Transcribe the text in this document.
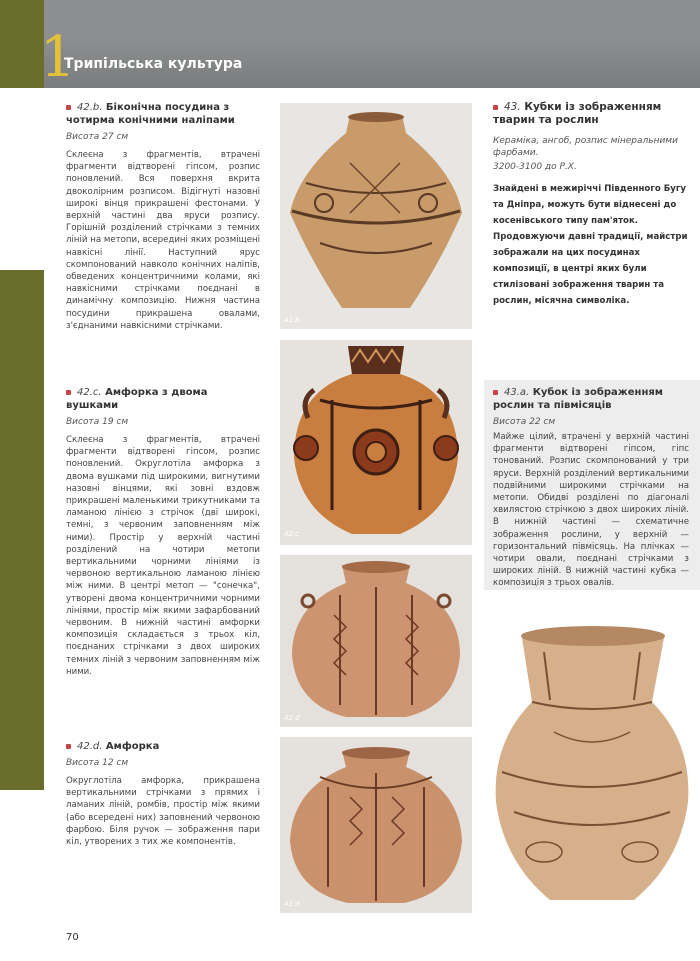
1
Трипільська культура
42.b. Біконічна посудина з чотирма конічними наліпами
Висота 27 см
Склеєна з фрагментів, втрачені фрагменти відтворені гіпсом, розпис поновлений. Вся поверхня вкрита двоколірним розписом. Відігнуті назовні широкі вінця прикрашені фестонами. У верхній частині два яруси розпису. Горішній розділений стрічками з темних ліній на метопи, всередині яких розміщені навкісні лінії. Наступний ярус скомпонований навколо конічних наліпів, обведених концентричними колами, які навкісними стрічками поєднані в динамічну композицію. Нижня частина посудини прикрашена овалами, з'єднаними навкісними стрічками.
42.c. Амфорка з двома вушками
Висота 19 см
Склеєна з фрагментів, втрачені фрагменти відтворені гіпсом, розпис поновлений. Округлотіла амфорка з двома вушками під широкими, вигнутими назовні вінцями, які зовні вздовж прикрашені маленькими трикутниками та ламаною лінією з стрічок (дві широкі, темні, з червоним заповненням між ними). Простір у верхній частині розділений на чотири метопи вертикальними чорними лініями із червоною вертикальною ламаною лінією між ними. В центрі метоп — "сонечка", утворені двома концентричними чорними лініями, простір між якими зафарбований червоним. В нижній частині амфорки композиція складається з трьох кіл, поєднаних стрічками з двох широких темних ліній з червоним заповненням між ними.
42.d. Амфорка
Висота 12 см
Округлотіла амфорка, прикрашена вертикальними стрічками з прямих і ламаних ліній, ромбів, простір між якими (або всередені них) заповнений червоною фарбою. Біля ручок — зображення пари кіл, утворених з тих же компонентів.
43. Кубки із зображенням тварин та рослин
Кераміка, ангоб, розпис мінеральними фарбами.
3200-3100 до Р.Х.
Знайдені в межиріччі Південного Бугу та Дніпра, можуть бути віднесені до косенівського типу пам'яток. Продовжуючи давні традиції, майстри зображали на цих посудинах композиції, в центрі яких були стилізовані зображення тварин та рослин, місячна символіка.
43.a. Кубок із зображенням рослин та півмісяців
Висота 22 см
Майже цілий, втрачені у верхній частині фрагменти відтворені гіпсом, гіпс тонований. Розпис скомпонований у три яруси. Верхній розділений вертикальними подвійними широкими стрічками на метопи. Обидві розділені по діагоналі хвилястою стрічкою з двох широких ліній. В нижній частині — схематичне зображення рослини, у верхній — горизонтальний півмісяць. На плічках — чотири овали, поєднані стрічками з широких ліній. В нижній частині кубка — композиція з трьох овалів.
42.b
42.c
42.d
42.d	43.a
70
